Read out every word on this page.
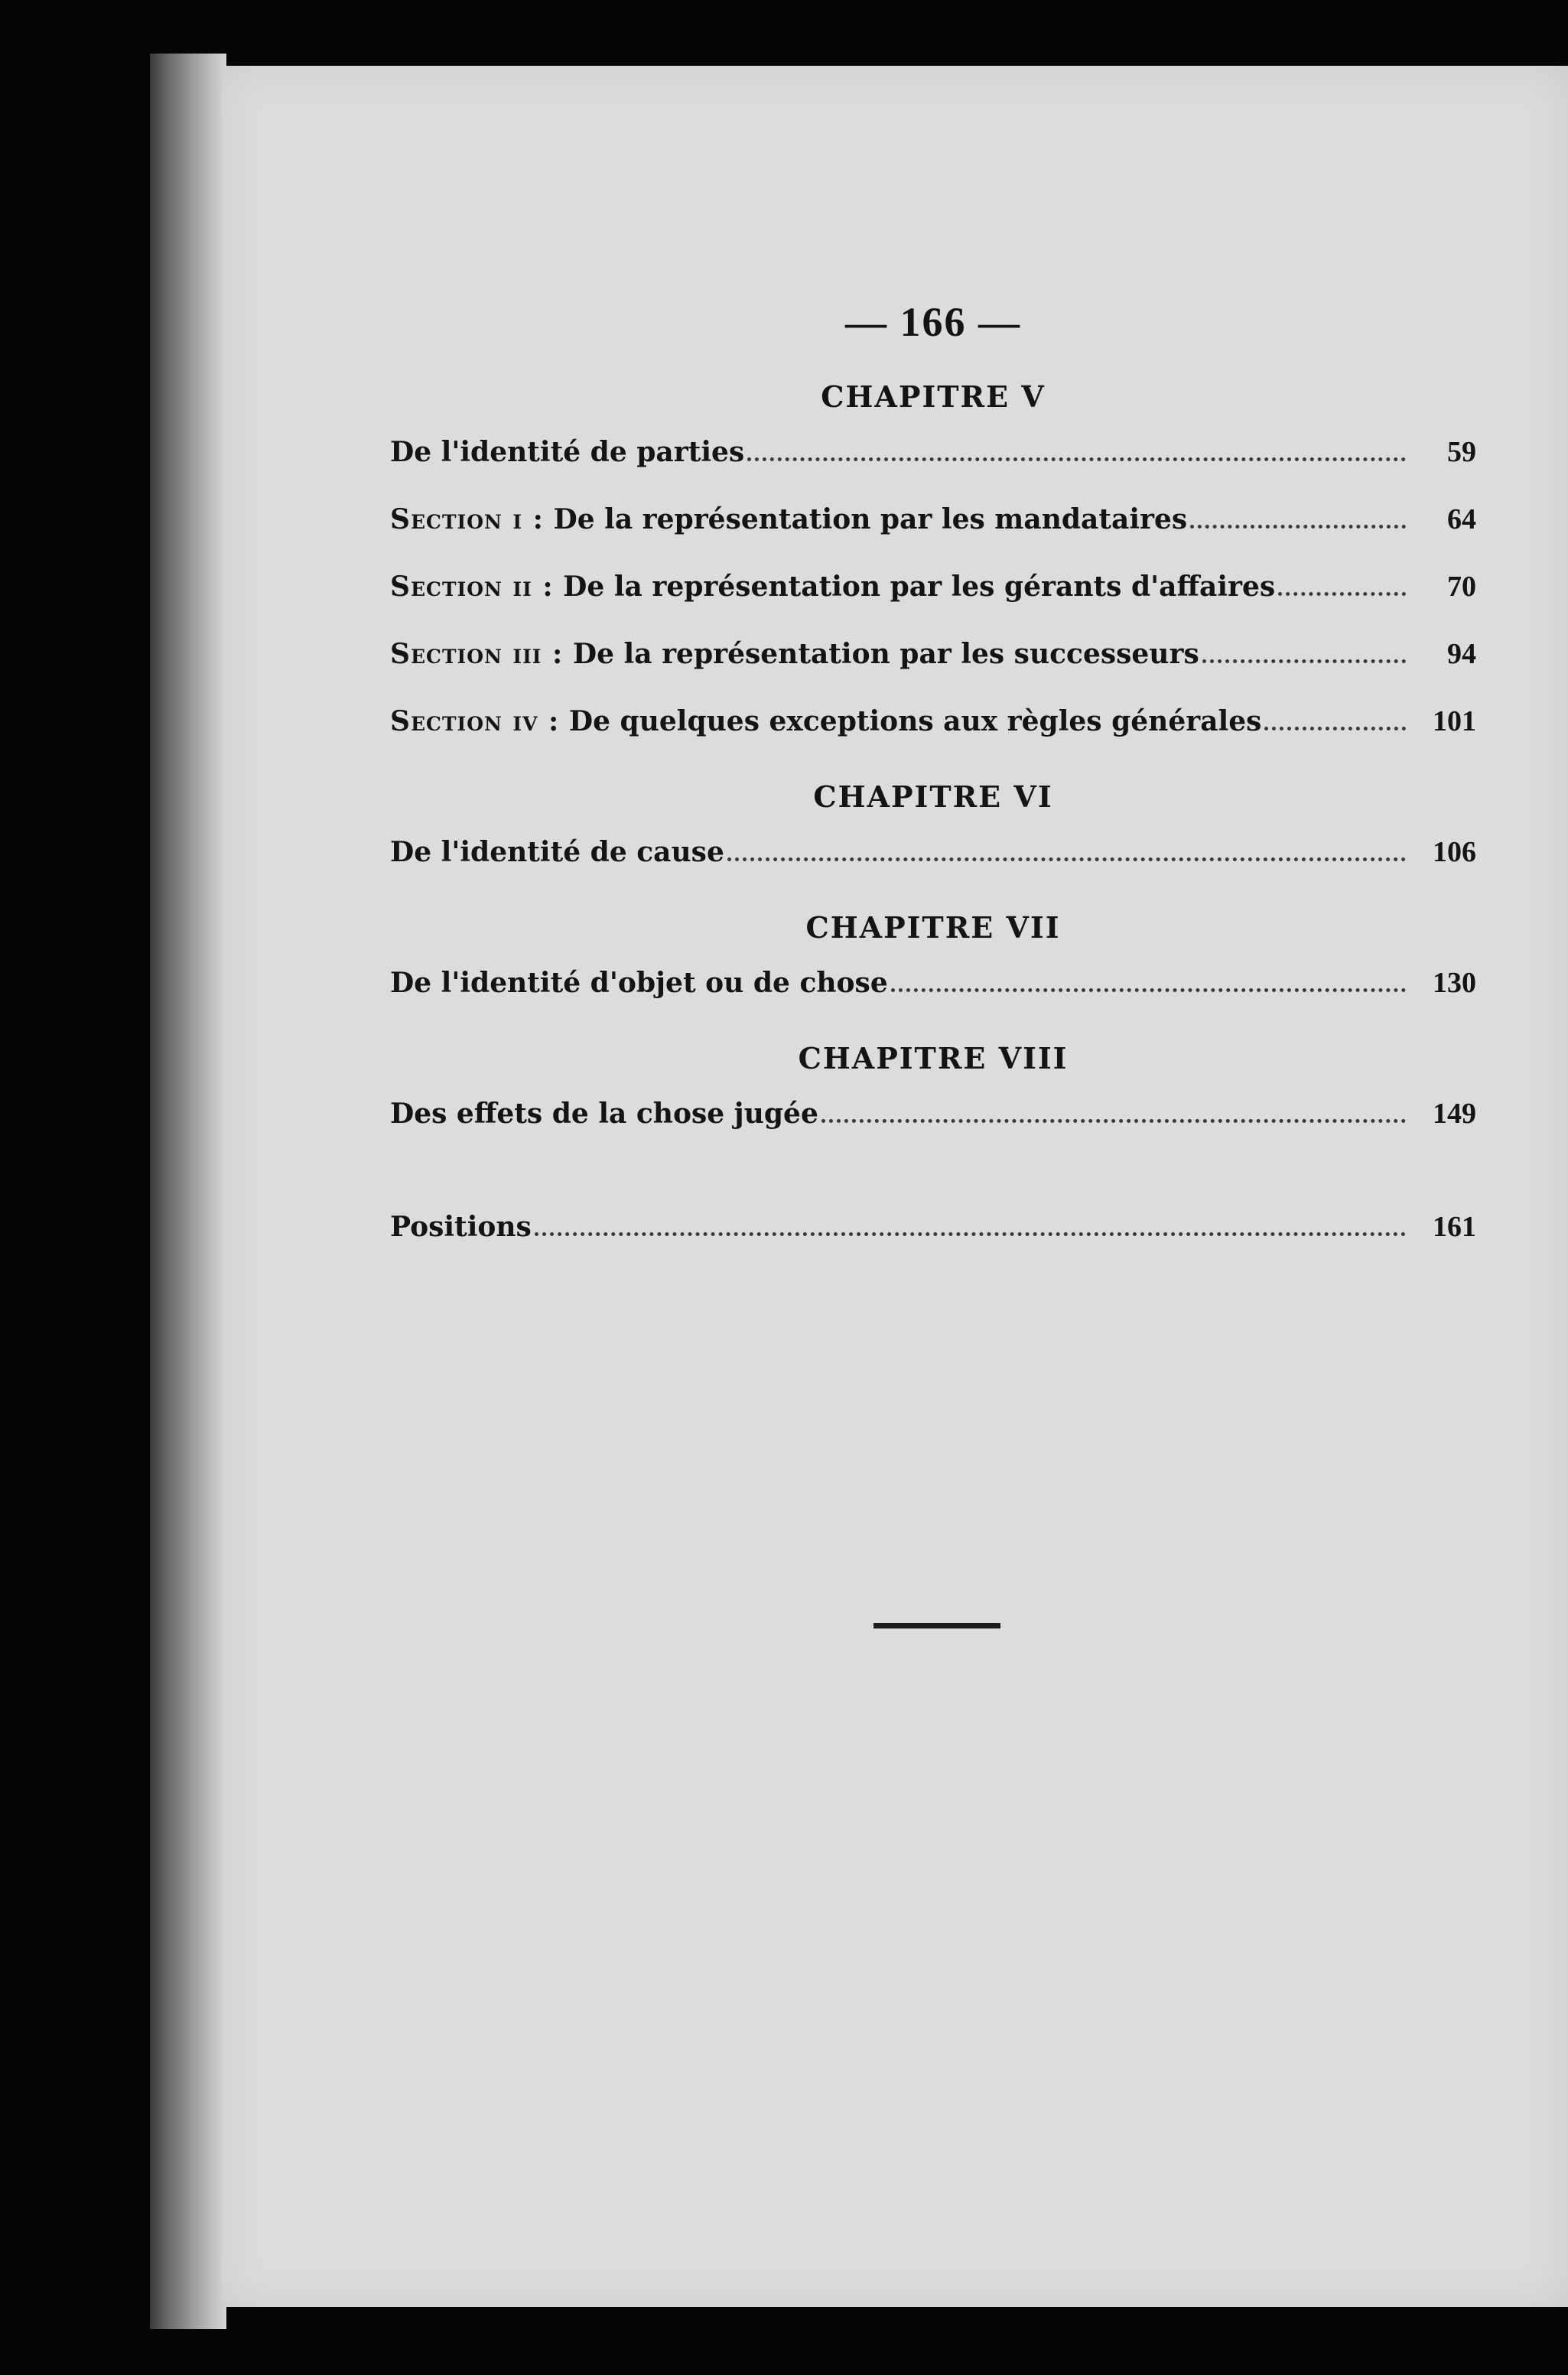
— 166 —
CHAPITRE V
De l'identité de parties	59
Section i : De la représentation par les mandataires	64
Section ii : De la représentation par les gérants d'affaires	70
Section iii : De la représentation par les successeurs	94
Section iv : De quelques exceptions aux règles générales	101
CHAPITRE VI
De l'identité de cause	106
CHAPITRE VII
De l'identité d'objet ou de chose	130
CHAPITRE VIII
Des effets de la chose jugée	149
Positions	161
